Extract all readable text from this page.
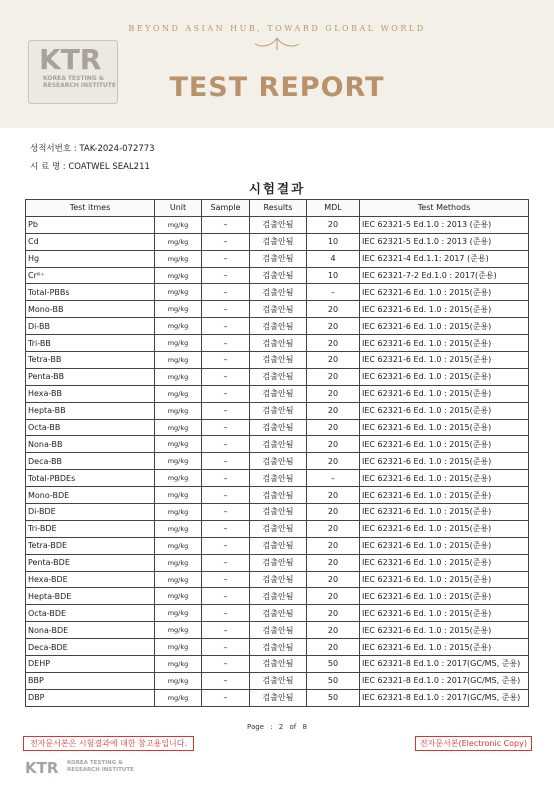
BEYOND ASIAN HUB, TOWARD GLOBAL WORLD
KTR
KOREA TESTING &
RESEARCH INSTITUTE	TEST REPORT
성적서번호 : TAK-2024-072773
시 료 명 : COATWEL SEAL211
시험결과
Test itmes	Unit	Sample	Results	MDL	Test Methods
Pb	mg/kg	–	검출안됨	20	IEC 62321-5 Ed.1.0 : 2013 (준용)
Cd	mg/kg	–	검출안됨	10	IEC 62321-5 Ed.1.0 : 2013 (준용)
Hg	mg/kg	–	검출안됨	4	IEC 62321-4 Ed.1.1: 2017 (준용)
Cr⁶⁺	mg/kg	–	검출안됨	10	IEC 62321-7-2 Ed.1.0 : 2017(준용)
Total-PBBs	mg/kg	–	검출안됨	–	IEC 62321-6 Ed. 1.0 : 2015(준용)
Mono-BB	mg/kg	–	검출안됨	20	IEC 62321-6 Ed. 1.0 : 2015(준용)
Di-BB	mg/kg	–	검출안됨	20	IEC 62321-6 Ed. 1.0 : 2015(준용)
Tri-BB	mg/kg	–	검출안됨	20	IEC 62321-6 Ed. 1.0 : 2015(준용)
Tetra-BB	mg/kg	–	검출안됨	20	IEC 62321-6 Ed. 1.0 : 2015(준용)
Penta-BB	mg/kg	–	검출안됨	20	IEC 62321-6 Ed. 1.0 : 2015(준용)
Hexa-BB	mg/kg	–	검출안됨	20	IEC 62321-6 Ed. 1.0 : 2015(준용)
Hepta-BB	mg/kg	–	검출안됨	20	IEC 62321-6 Ed. 1.0 : 2015(준용)
Octa-BB	mg/kg	–	검출안됨	20	IEC 62321-6 Ed. 1.0 : 2015(준용)
Nona-BB	mg/kg	–	검출안됨	20	IEC 62321-6 Ed. 1.0 : 2015(준용)
Deca-BB	mg/kg	–	검출안됨	20	IEC 62321-6 Ed. 1.0 : 2015(준용)
Total-PBDEs	mg/kg	–	검출안됨	–	IEC 62321-6 Ed. 1.0 : 2015(준용)
Mono-BDE	mg/kg	–	검출안됨	20	IEC 62321-6 Ed. 1.0 : 2015(준용)
Di-BDE	mg/kg	–	검출안됨	20	IEC 62321-6 Ed. 1.0 : 2015(준용)
Tri-BDE	mg/kg	–	검출안됨	20	IEC 62321-6 Ed. 1.0 : 2015(준용)
Tetra-BDE	mg/kg	–	검출안됨	20	IEC 62321-6 Ed. 1.0 : 2015(준용)
Penta-BDE	mg/kg	–	검출안됨	20	IEC 62321-6 Ed. 1.0 : 2015(준용)
Hexa-BDE	mg/kg	–	검출안됨	20	IEC 62321-6 Ed. 1.0 : 2015(준용)
Hepta-BDE	mg/kg	–	검출안됨	20	IEC 62321-6 Ed. 1.0 : 2015(준용)
Octa-BDE	mg/kg	–	검출안됨	20	IEC 62321-6 Ed. 1.0 : 2015(준용)
Nona-BDE	mg/kg	–	검출안됨	20	IEC 62321-6 Ed. 1.0 : 2015(준용)
Deca-BDE	mg/kg	–	검출안됨	20	IEC 62321-6 Ed. 1.0 : 2015(준용)
DEHP	mg/kg	–	검출안됨	50	IEC 62321-8 Ed.1.0 : 2017(GC/MS, 준용)
BBP	mg/kg	–	검출안됨	50	IEC 62321-8 Ed.1.0 : 2017(GC/MS, 준용)
DBP	mg/kg	–	검출안됨	50	IEC 62321-8 Ed.1.0 : 2017(GC/MS, 준용)
Page : 2 of 8
전자문서본은 시험결과에 대한 참고용입니다.	전자문서본(Electronic Copy)
KTR KOREA TESTING &
RESEARCH INSTITUTE
